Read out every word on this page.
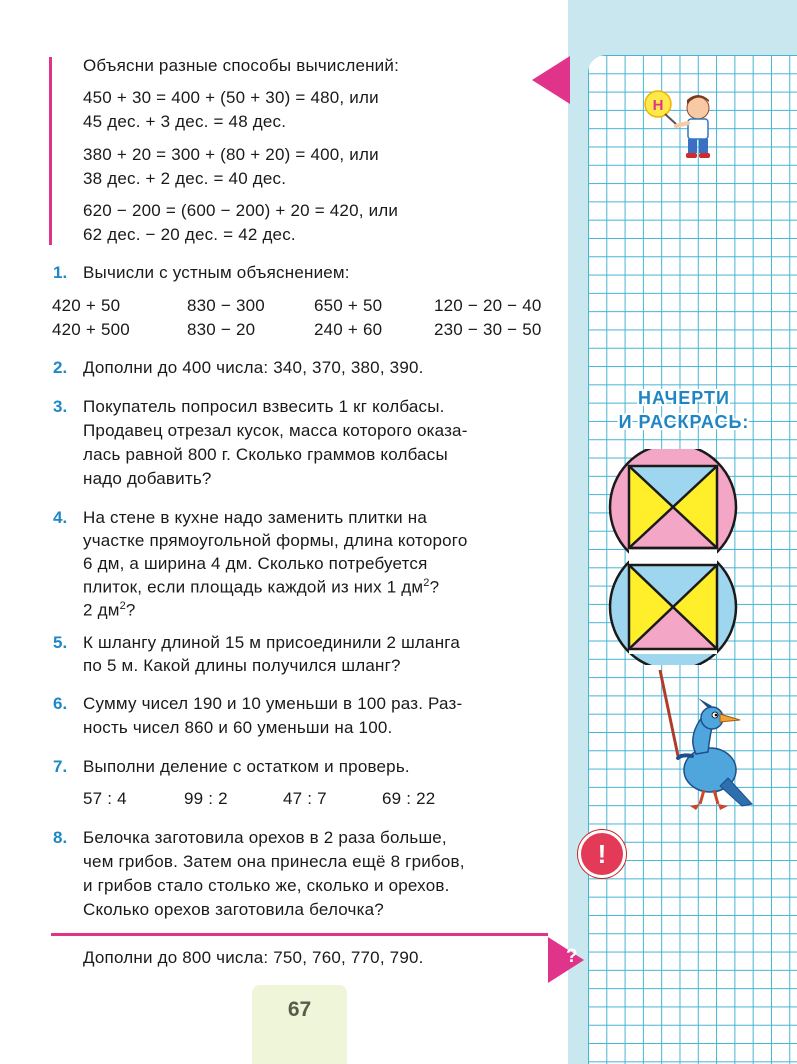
Объясни разные способы вычислений:
450 + 30 = 400 + (50 + 30) = 480, или
45 дес. + 3 дес. = 48 дес.
380 + 20 = 300 + (80 + 20) = 400, или
38 дес. + 2 дес. = 40 дес.
620 − 200 = (600 − 200) + 20 = 420, или
62 дес. − 20 дес. = 42 дес.
1. Вычисли с устным объяснением:
420 + 50	830 − 300	650 + 50	120 − 20 − 40
420 + 500	830 − 20	240 + 60	230 − 30 − 50
2. Дополни до 400 числа: 340, 370, 380, 390.
3. Покупатель попросил взвесить 1 кг колбасы.
Продавец отрезал кусок, масса которого оказа-
лась равной 800 г. Сколько граммов колбасы
надо добавить?
4. На стене в кухне надо заменить плитки на
участке прямоугольной формы, длина которого
6 дм, а ширина 4 дм. Сколько потребуется
плиток, если площадь каждой из них 1 $дм^2$?
2 $дм^2$?
5. К шлангу длиной 15 м присоединили 2 шланга
по 5 м. Какой длины получился шланг?
6. Сумму чисел 190 и 10 уменьши в 100 раз. Раз-
ность чисел 860 и 60 уменьши на 100.
7. Выполни деление с остатком и проверь.
57 : 4	99 : 2	47 : 7	69 : 22
8. Белочка заготовила орехов в 2 раза больше,
чем грибов. Затем она принесла ещё 8 грибов,
и грибов стало столько же, сколько и орехов.
Сколько орехов заготовила белочка?
Дополни до 800 числа: 750, 760, 770, 790.
67
Н
НАЧЕРТИ
И РАСКРАСЬ:
!
?
